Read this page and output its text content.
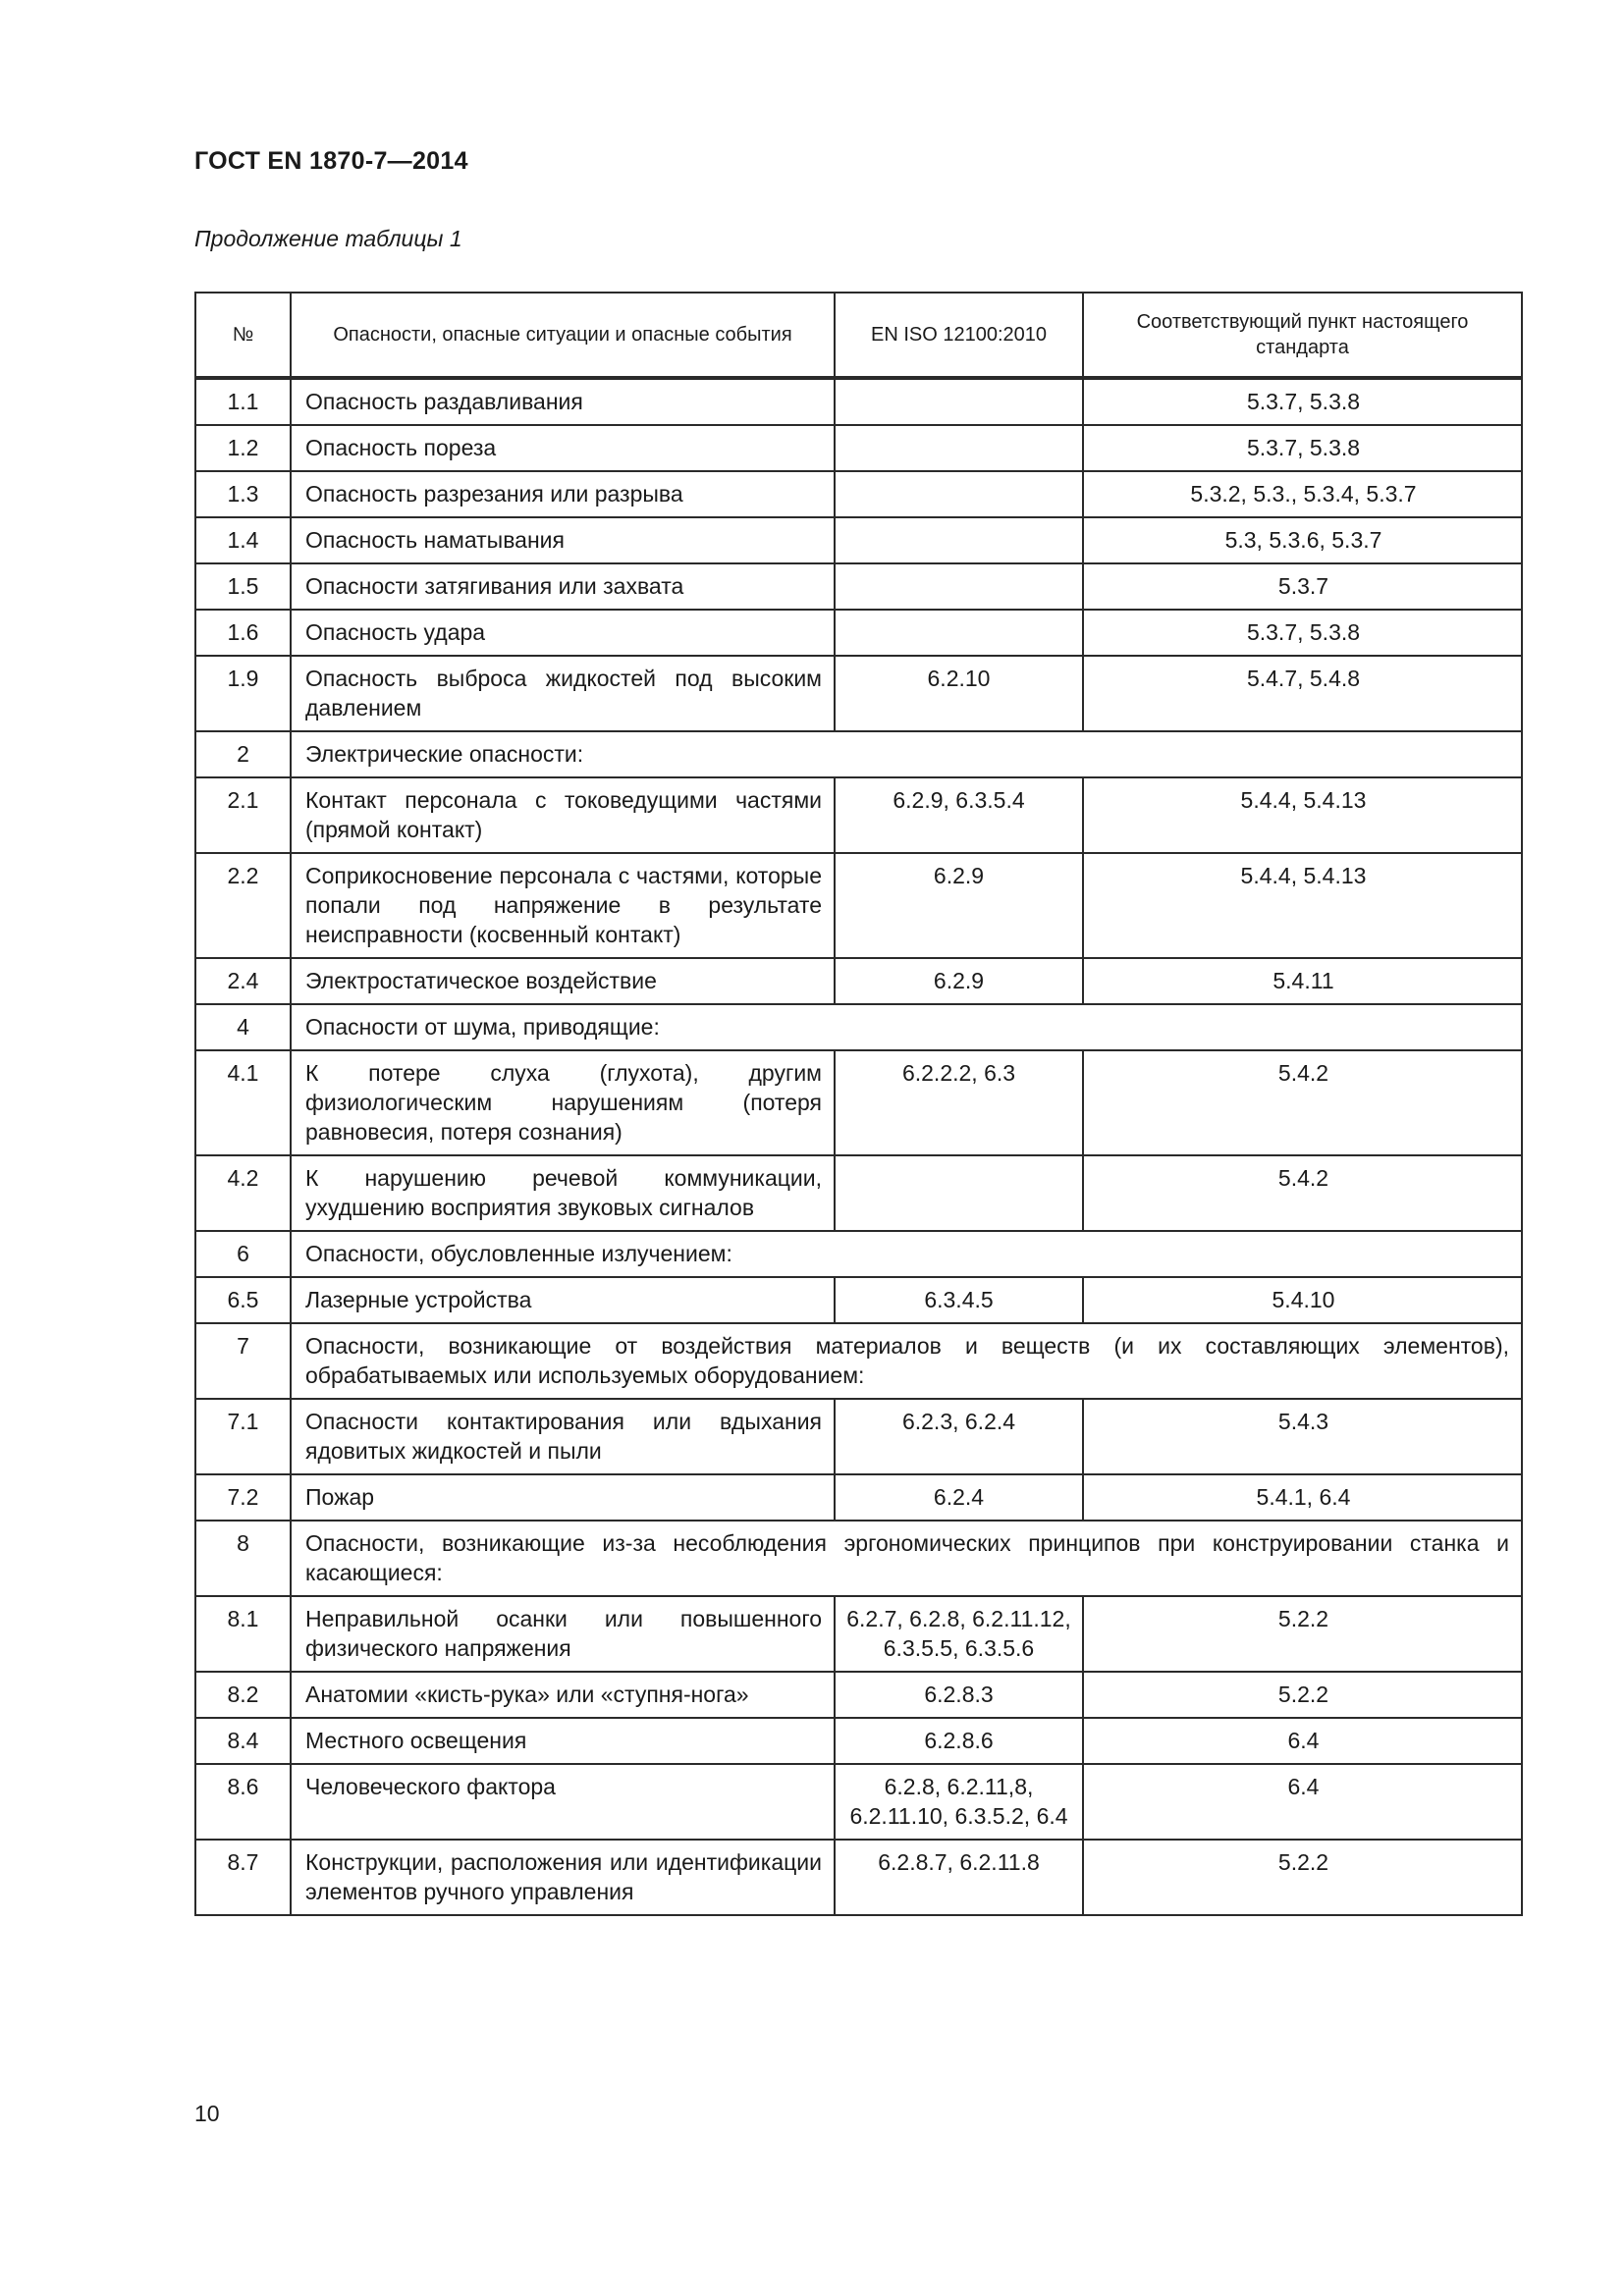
ГОСТ EN 1870-7—2014
Продолжение таблицы 1
№	Опасности, опасные ситуации и опасные события	EN ISO 12100:2010	Соответствующий пункт настоящего стандарта
1.1	Опасность раздавливания		5.3.7, 5.3.8
1.2	Опасность пореза		5.3.7, 5.3.8
1.3	Опасность разрезания или разрыва		5.3.2, 5.3., 5.3.4, 5.3.7
1.4	Опасность наматывания		5.3, 5.3.6, 5.3.7
1.5	Опасности затягивания или захвата		5.3.7
1.6	Опасность удара		5.3.7, 5.3.8
1.9	Опасность выброса жидкостей под высоким давлением	6.2.10	5.4.7, 5.4.8
2	Электрические опасности:		
2.1	Контакт персонала с токоведущими частями (прямой контакт)	6.2.9, 6.3.5.4	5.4.4, 5.4.13
2.2	Соприкосновение персонала с частями, которые попали под напряжение в результате неисправности (косвенный контакт)	6.2.9	5.4.4, 5.4.13
2.4	Электростатическое воздействие	6.2.9	5.4.11
4	Опасности от шума, приводящие:		
4.1	К потере слуха (глухота), другим физиологическим нарушениям (потеря равновесия, потеря сознания)	6.2.2.2, 6.3	5.4.2
4.2	К нарушению речевой коммуникации, ухудшению восприятия звуковых сигналов		5.4.2
6	Опасности, обусловленные излучением:		
6.5	Лазерные устройства	6.3.4.5	5.4.10
7	Опасности, возникающие от воздействия материалов и веществ (и их составляющих элементов), обрабатываемых или используемых оборудованием:		
7.1	Опасности контактирования или вдыхания ядовитых жидкостей и пыли	6.2.3, 6.2.4	5.4.3
7.2	Пожар	6.2.4	5.4.1, 6.4
8	Опасности, возникающие из-за несоблюдения эргономических принципов при конструировании станка и касающиеся:		
8.1	Неправильной осанки или повышенного физического напряжения	6.2.7, 6.2.8, 6.2.11.12, 6.3.5.5, 6.3.5.6	5.2.2
8.2	Анатомии «кисть-рука» или «ступня-нога»	6.2.8.3	5.2.2
8.4	Местного освещения	6.2.8.6	6.4
8.6	Человеческого фактора	6.2.8, 6.2.11,8, 6.2.11.10, 6.3.5.2, 6.4	6.4
8.7	Конструкции, расположения или идентификации элементов ручного управления	6.2.8.7, 6.2.11.8	5.2.2
10
